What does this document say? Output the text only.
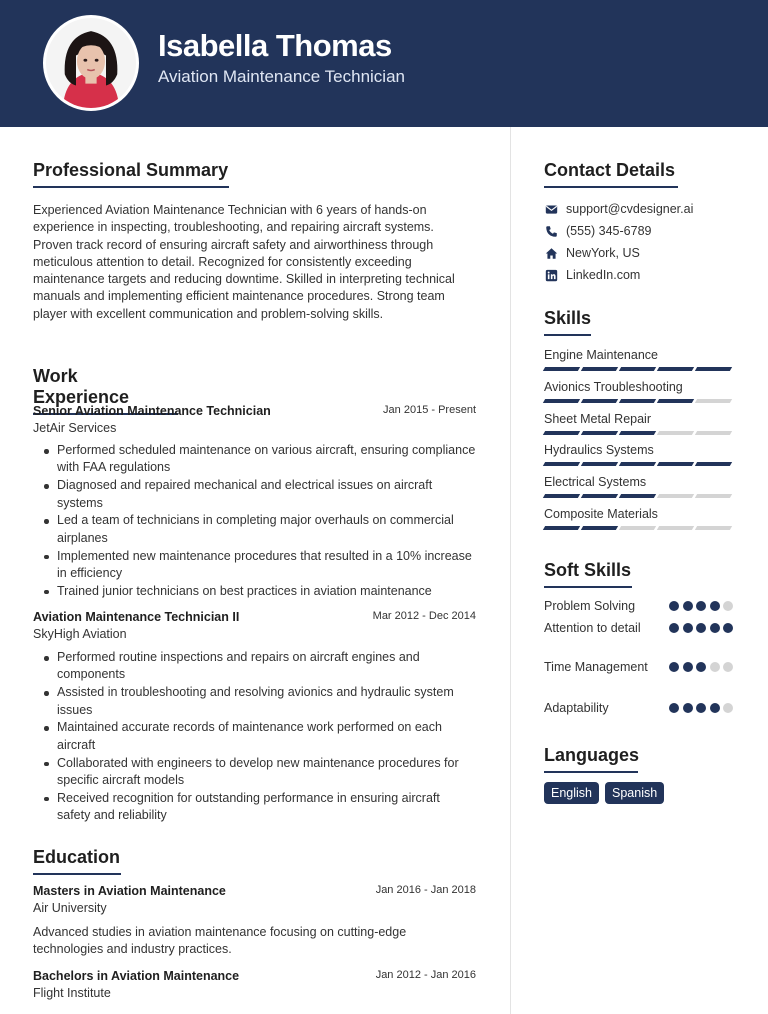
Isabella Thomas
Aviation Maintenance Technician
Professional Summary
Experienced Aviation Maintenance Technician with 6 years of hands-on experience in inspecting, troubleshooting, and repairing aircraft systems. Proven track record of ensuring aircraft safety and airworthiness through meticulous attention to detail. Recognized for consistently exceeding maintenance targets and reducing downtime. Skilled in interpreting technical manuals and implementing efficient maintenance procedures. Strong team player with excellent communication and problem-solving skills.
Work Experience
Senior Aviation Maintenance Technician	Jan 2015 - Present
JetAir Services
Performed scheduled maintenance on various aircraft, ensuring compliance with FAA regulations
Diagnosed and repaired mechanical and electrical issues on aircraft systems
Led a team of technicians in completing major overhauls on commercial airplanes
Implemented new maintenance procedures that resulted in a 10% increase in efficiency
Trained junior technicians on best practices in aviation maintenance
Aviation Maintenance Technician II	Mar 2012 - Dec 2014
SkyHigh Aviation
Performed routine inspections and repairs on aircraft engines and components
Assisted in troubleshooting and resolving avionics and hydraulic system issues
Maintained accurate records of maintenance work performed on each aircraft
Collaborated with engineers to develop new maintenance procedures for specific aircraft models
Received recognition for outstanding performance in ensuring aircraft safety and reliability
Education
Masters in Aviation Maintenance	Jan 2016 - Jan 2018
Air University
Advanced studies in aviation maintenance focusing on cutting-edge technologies and industry practices.
Bachelors in Aviation Maintenance	Jan 2012 - Jan 2016
Flight Institute
Contact Details
support@cvdesigner.ai
(555) 345-6789
NewYork, US
LinkedIn.com
Skills
Engine Maintenance
Avionics Troubleshooting
Sheet Metal Repair
Hydraulics Systems
Electrical Systems
Composite Materials
Soft Skills
Problem Solving
Attention to detail
Time Management
Adaptability
Languages
English	Spanish
